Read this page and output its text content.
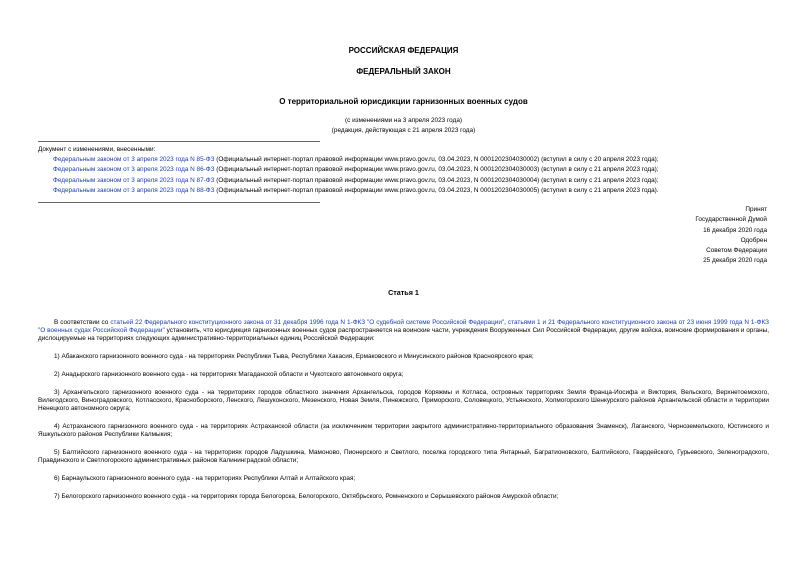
РОССИЙСКАЯ ФЕДЕРАЦИЯ
ФЕДЕРАЛЬНЫЙ ЗАКОН
О территориальной юрисдикции гарнизонных военных судов
(с изменениями на 3 апреля 2023 года)
(редакция, действующая с 21 апреля 2023 года)
Документ с изменениями, внесенными:
Федеральным законом от 3 апреля 2023 года N 85-ФЗ (Официальный интернет-портал правовой информации www.pravo.gov.ru, 03.04.2023, N 0001202304030002) (вступил в силу с 20 апреля 2023 года);
Федеральным законом от 3 апреля 2023 года N 86-ФЗ (Официальный интернет-портал правовой информации www.pravo.gov.ru, 03.04.2023, N 0001202304030003) (вступил в силу с 21 апреля 2023 года);
Федеральным законом от 3 апреля 2023 года N 87-ФЗ (Официальный интернет-портал правовой информации www.pravo.gov.ru, 03.04.2023, N 0001202304030004) (вступил в силу с 21 апреля 2023 года);
Федеральным законом от 3 апреля 2023 года N 88-ФЗ (Официальный интернет-портал правовой информации www.pravo.gov.ru, 03.04.2023, N 0001202304030005) (вступил в силу с 21 апреля 2023 года).
Принят
Государственной Думой
16 декабря 2020 года
Одобрен
Советом Федерации
25 декабря 2020 года
Статья 1

В соответствии со статьей 22 Федерального конституционного закона от 31 декабря 1996 года N 1-ФКЗ "О судебной системе Российской Федерации", статьями 1 и 21 Федерального конституционного закона от 23 июня 1999 года N 1-ФКЗ "О военных судах Российской Федерации" установить, что юрисдикция гарнизонных военных судов распространяется на воинские части, учреждения Вооруженных Сил Российской Федерации, другие войска, воинские формирования и органы, дислоцируемые на территориях следующих административно-территориальных единиц Российской Федерации:

1) Абаканского гарнизонного военного суда - на территориях Республики Тыва, Республики Хакасия, Ермаковского и Минусинского районов Красноярского края;

2) Анадырского гарнизонного военного суда - на территориях Магаданской области и Чукотского автономного округа;

3) Архангельского гарнизонного военного суда - на территориях городов областного значения Архангельска, городов Коряжмы и Котласа, островных территориях Земля Франца-Иосифа и Виктория, Вельского, Верхнетоемского, Вилегодского, Виноградовского, Котласского, Красноборского, Ленского, Лешуконского, Мезенского, Новая Земля, Пинежского, Приморского, Соловецкого, Устьянского, Холмогорского Шенкурского районов Архангельской области и территории Ненецкого автономного округа;

4) Астраханского гарнизонного военного суда - на территориях Астраханской области (за исключением территории закрытого административно-территориального образования Знаменск), Лаганского, Черноземельского, Юстинского и Яшкульского районов Республики Калмыкия;

5) Балтийского гарнизонного военного суда - на территориях городов Ладушкина, Мамоново, Пионерского и Светлого, поселка городского типа Янтарный, Багратионовского, Балтийского, Гвардейского, Гурьевского, Зеленоградского, Правдинского и Светлогорского административных районов Калининградской области;

6) Барнаульского гарнизонного военного суда - на территориях Республики Алтай и Алтайского края;

7) Белогорского гарнизонного военного суда - на территориях города Белогорска, Белогорского, Октябрьского, Ромненского и Серышевского районов Амурской области;
